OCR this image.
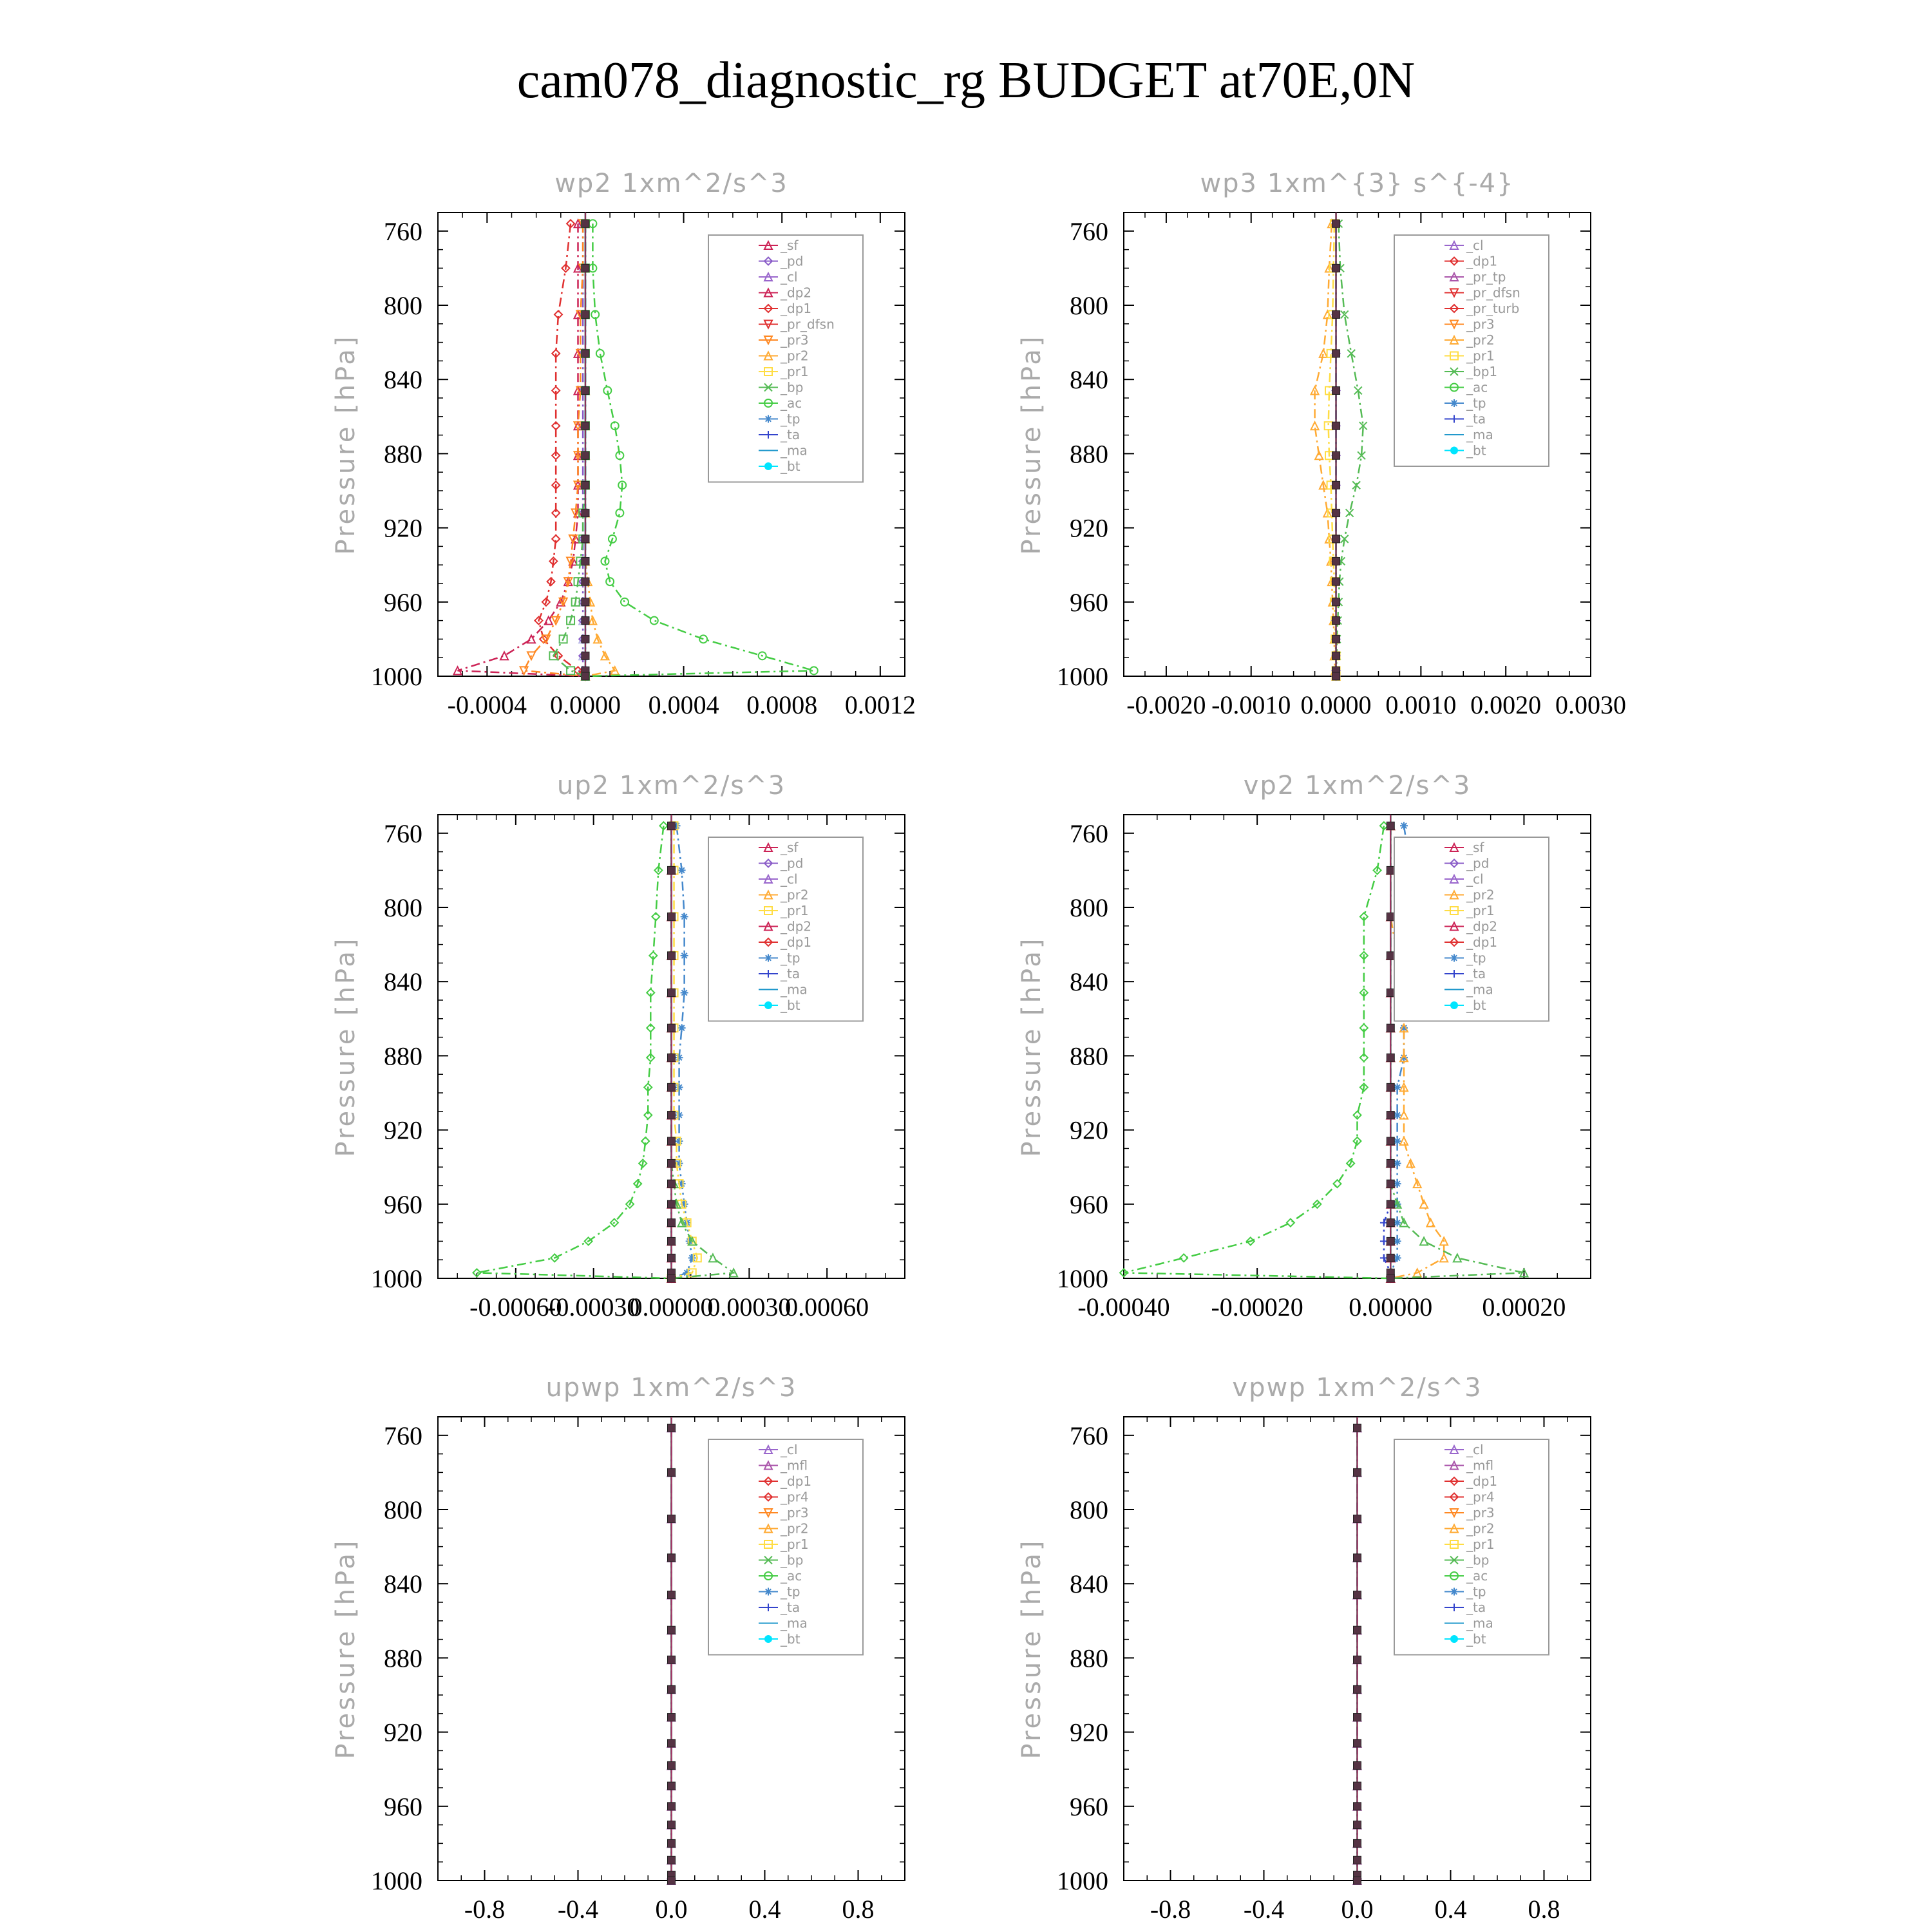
cam078_diagnostic_rg BUDGET at70E,0N
wp2 1xm^2/s^3
Pressure [hPa]
760
800
840
880
920
960
1000
-0.0004 0.0000 0.0004 0.0008 0.0012
_sf
_pd
_cl
_dp2
_dp1
_pr_dfsn
_pr3
_pr2
_pr1
_bp
_ac
_tp
_ta
_ma
_bt
wp3 1xm^{3} s^{-4}
Pressure [hPa]
760
800
840
880
920
960
1000
-0.0020 -0.0010 0.0000 0.0010 0.0020 0.0030
_cl
_dp1
_pr_tp
_pr_dfsn
_pr_turb
_pr3
_pr2
_pr1
_bp1
_ac
_tp
_ta
_ma
_bt
up2 1xm^2/s^3
Pressure [hPa]
760
800
840
880
920
960
1000
-0.00060
-0.00030
0.00000
0.00030
0.00060
_sf
_pd
_cl
_pr2
_pr1
_dp2
_dp1
_tp
_ta
_ma
_bt
vp2 1xm^2/s^3
Pressure [hPa]
760
800
840
880
920
960
1000
-0.00040 -0.00020 0.00000 0.00020
_sf
_pd
_cl
_pr2
_pr1
_dp2
_dp1
_tp
_ta
_ma
_bt
upwp 1xm^2/s^3
Pressure [hPa]
760
800
840
880
920
960
1000
-0.8 -0.4 0.0 0.4 0.8
_cl
_mfl
_dp1
_pr4
_pr3
_pr2
_pr1
_bp
_ac
_tp
_ta
_ma
_bt
vpwp 1xm^2/s^3
Pressure [hPa]
760
800
840
880
920
960
1000
-0.8 -0.4 0.0 0.4 0.8
_cl
_mfl
_dp1
_pr4
_pr3
_pr2
_pr1
_bp
_ac
_tp
_ta
_ma
_bt
